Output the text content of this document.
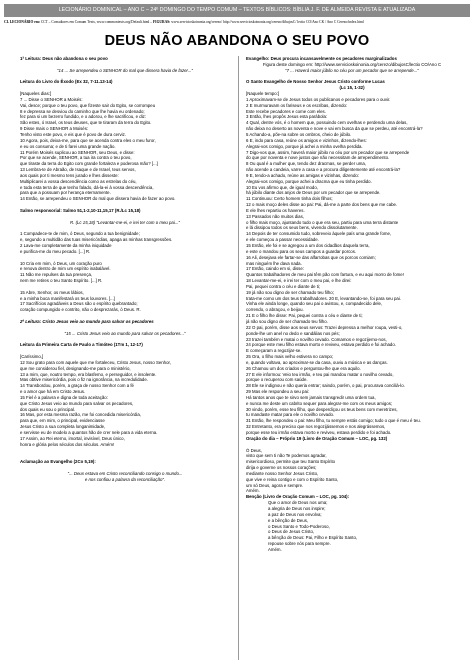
LECIONÁRIO DOMINICAL – ANO C – 24º DOMINGO DO TEMPO COMUM – TEXTOS BÍBLICOS: BÍBLIA J. F. DE ALMEIDA REVISTA E ATUALIZADA
CL LECIONÁRIO em: CCT – Consultores em Comum Texts, www.commontexts.org/Default.html – FIGURAS: www.servicioskoinonia.org/cerezo/ http://www.servicioskoinonia.org/cerezo/dibujosC/ lectio CO/Ano CK / Ano C Cerezo/index.html
DEUS NÃO ABANDONA O SEU POVO
1ª Leitura: Deus não abandona o seu povo
"14 ... Se arrependeu o SENHOR do mal que dissera havia de fazer..."
Leitura do Livro do Êxodo (Ex 32, 7-11.13-14)
[Naqueles dias:]
7 ... Disse o SENHOR a Moisés:
Vai, desce; porque o teu povo, que fizeste sair do Egito, se corrompeu
8 e depressa se desviou do caminho que lhe havia eu ordenado;
fez para si um bezerro fundido, e o adorou, e lhe sacrificou, e diz:
São estes, ó Israel, os teus deuses, que te tiraram da terra do Egito.
9 Disse mais o SENHOR a Moisés:
Tenho visto este povo, e eis que é povo de dura cerviz.
10 Agora, pois, deixa-me, para que se acenda contra eles o meu furor,
e eu os consuma; e de ti farei uma grande nação.
11 Porém Moisés suplicou ao SENHOR, seu Deus, e disse:
Por que se acende, SENHOR, a tua ira contra o teu povo,
que tiraste da terra do Egito com grande fortaleza e poderosa mão? [...]
13 Lembra-te de Abraão, de Isaque e de Israel, teus servos,
aos quais por ti mesmo tens jurado e lhes disseste:
Multiplicarei a vossa descendência como as estrelas do céu,
e toda esta terra de que tenho falado, dá-la-ei à vossa descendência,
para que a possuam por herança eternamente.
14 Então, se arrependeu o SENHOR do mal que dissera havia de fazer ao povo.
Salmo responsorial: Salmo 51,1-2,10-11,15,17 (R./Lc 15,18)
R. (Lc 15,18) "Levantar-me-ei, e irei ter com o meu pai..."
1 Compadece-te de mim, ó Deus, segundo a tua benignidade;
e, segundo a multidão das tuas misericórdias, apaga as minhas transgressões.
2 Lava-me completamente da minha iniquidade
e purifica-me do meu pecado. [...] R.
10 Cria em mim, ó Deus, um coração puro
e renova dentro de mim um espírito inabalável.
11 Não me repulses da tua presença,
nem me retires o teu Santo Espírito. [...] R.
15 Abre, Senhor, os meus lábios,
e a minha boca manifestará os teus louvores. [...]
17 Sacrifícios agradáveis a Deus são o espírito quebrantado;
coração compungido e contrito, não o desprezarás, ó Deus. R.
2ª Leitura: Cristo Jesus veio ao mundo para salvar os pecadores
"15 ... Cristo Jesus veio ao mundo para salvar os pecadores..."
Leitura da Primeira Carta de Paulo a Timóteo (1Tm 1, 12-17)
[Caríssimo,]
12 Sou grato para com aquele que me fortaleceu, Cristo Jesus, nosso Senhor,
que me considerou fiel, designando-me para o ministério,
13 a mim, que, noutro tempo, era blasfemo, e perseguidor, e insolente.
Mas obtive misericórdia, pois o fiz na ignorância, na incredulidade.
14 Transbordou, porém, a graça de nosso Senhor com a fé
e o amor que há em Cristo Jesus.
15 Fiel é a palavra e digna de toda aceitação:
que Cristo Jesus veio ao mundo para salvar os pecadores,
dos quais eu sou o principal.
16 Mas, por esta mesma razão, me foi concedida misericórdia,
para que, em mim, o principal, evidenciasse
Jesus Cristo a sua completa longanimidade,
e servisse eu de modelo a quantos hão de crer nele para a vida eterna.
17 Assim, ao Rei eterno, imortal, invisível, Deus único,
honra e glória pelos séculos dos séculos. Amém!
Aclamação ao Evangelho (2Co 5,19):
"... Deus estava em Cristo reconciliando consigo o mundo...
e nos confiou a palavra da reconciliação".
Evangelho: Deus procura incansavelmente os pecadores marginalizados
Figura deste domingo em: http://www.servicioskoinonia.org/cerezo/dibujosC/lectio CO/Ano C
"7 ... Haverá maior júbilo no céu por um pecador que se arrepende..."
O Santo Evangelho de Nosso Senhor Jesus Cristo conforme Lucas
(Lc 15, 1-32)
[Naquele tempo:]
1 Aproximavam-se de Jesus todos os publicanos e pecadores para o ouvir.
2 E murmuravam os fariseus e os escribas, dizendo:
Este recebe pecadores e come com eles.
3 Então, lhes propôs Jesus esta parábola:
4 Qual, dentre vós, é o homem que, possuindo cem ovelhas e perdendo uma delas,
não deixa no deserto as noventa e nove e vai em busca da que se perdeu, até encontrá-la?
5 Achando-a, põe-na sobre os ombros, cheio de júbilo.
6 E, indo para casa, reúne os amigos e vizinhos, dizendo-lhes:
Alegrai-vos comigo, porque já achei a minha ovelha perdida.
7 Digo-vos que, assim, haverá maior júbilo no céu por um pecador que se arrepende
do que por noventa e nove justos que não necessitam de arrependimento.
8 Ou qual é a mulher que, tendo dez dracmas, se perder uma,
não acende a candeia, varre a casa e a procura diligentemente até encontrá-la?
9 E, tendo-a achado, reúne as amigas e vizinhas, dizendo:
Alegrai-vos comigo, porque achei a dracma que eu tinha perdido.
10 Eu vos afirmo que, de igual modo,
há júbilo diante dos anjos de Deus por um pecador que se arrepende.
11 Continuou: Certo homem tinha dois filhos;
12 o mais moço deles disse ao pai: Pai, dá-me a parte dos bens que me cabe.
E ele lhes repartiu os haveres.
13 Passados não muitos dias,
o filho mais moço, ajuntando tudo o que era seu, partiu para uma terra distante
e lá dissipou todos os seus bens, vivendo dissolutamente.
14 Depois de ter consumido tudo, sobreveio àquele país uma grande fome,
e ele começou a passar necessidade.
15 Então, ele foi e se agregou a um dos cidadãos daquela terra,
e este o mandou para os seus campos a guardar porcos.
16 Ali, desejava ele fartar-se das alfarrobas que os porcos comiam;
mas ninguém lhe dava nada.
17 Então, caindo em si, disse:
Quantos trabalhadores de meu pai têm pão com fartura, e eu aqui morro de fome!
18 Levantar-me-ei, e irei ter com o meu pai, e lhe direi:
Pai, pequei contra o céu e diante de ti;
19 já não sou digno de ser chamado teu filho;
trata-me como um dos teus trabalhadores. 20 E, levantando-se, foi para seu pai.
Vinha ele ainda longe, quando seu pai o avistou, e, compadecido dele,
correndo, o abraçou, e beijou.
21 E o filho lhe disse: Pai, pequei contra o céu e diante de ti;
já não sou digno de ser chamado teu filho.
22 O pai, porém, disse aos seus servos: Trazei depressa a melhor roupa, vesti-o,
ponde-lhe um anel no dedo e sandálias nos pés;
23 trazei também e matai o novilho cevado. Comamos e regozijemo-nos,
24 porque este meu filho estava morto e reviveu, estava perdido e foi achado.
E começaram a regozijar-se.
25 Ora, o filho mais velho estivera no campo;
e, quando voltava, ao aproximar-se da casa, ouviu a música e as danças.
26 Chamou um dos criados e perguntou-lhe que era aquilo.
27 E ele informou: Veio teu irmão, e teu pai mandou matar o novilho cevado,
porque o recuperou com saúde.
28 Ele se indignou e não queria entrar; saindo, porém, o pai, procurava conciliá-lo.
29 Mas ele respondeu a seu pai:
Há tantos anos que te sirvo sem jamais transgredir uma ordem tua,
e nunca me deste um cabrito sequer para alegrar-me com os meus amigos;
30 vindo, porém, esse teu filho, que desperdiçou os teus bens com meretrizes,
tu mandaste matar para ele o novilho cevado.
31 Então, lhe respondeu o pai: Meu filho, tu sempre estás comigo; tudo o que é meu é teu.
32 Entretanto, era preciso que nos regozijássemos e nos alegrássemos,
porque esse teu irmão estava morto e reviveu, estava perdido e foi achado.
Oração do dia – Próprio 19 (Livro de Oração Comum – LOC, pg. 132)
Ó Deus,
visto que sem ti não Te podemos agradar,
misericordioso, permite que teu Santo Espírito
dirija e governe os nossos corações;
mediante nosso Senhor Jesus Cristo,
que vive e reina contigo e com o Espírito Santo,
um só Deus, agora e sempre.
Amém.
Benção (Livro de Oração Comum – LOC, pg. 104):
Que o amor de Deus nos uma;
a alegria de Deus nos inspire;
a paz de Deus nos envolva;
e a bênção de Deus,
o Deus Santo e Todo-Poderoso,
o Deus de Jesus Cristo,
a bênção de Deus: Pai, Filho e Espírito Santo,
repouse sobre nós para sempre.
Amém.
